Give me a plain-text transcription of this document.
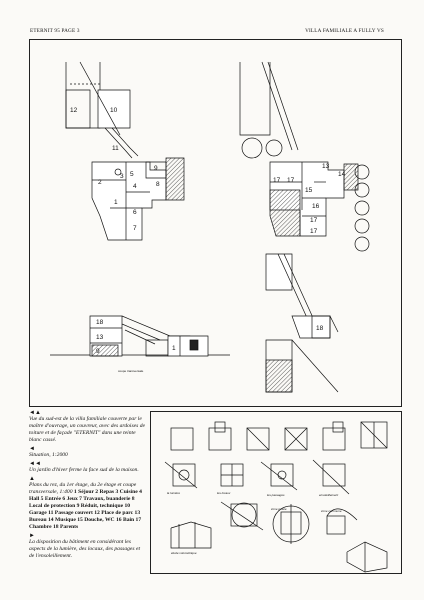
ETERNIT 95 PAGE 3	VILLA FAMILIALE A FULLY VS
12	10
11
9
2
3
4
5
8
1
6
7
17 17
15
16
13
14
17
17
18
13
9	1
18
coupe transversale

◄▲
Vue du sud-est de la villa familiale couverte par le maître d'ouvrage, un couvreur, avec des ardoises de toiture et de façade "ETERNIT" dans une teinte blanc cassé.

◄
Situation, 1:2000

◄◄
Un jardin d'hiver ferme la face sud de la maison.

▲
Plans du rez, du 1er étage, du 2e étage et coupe transversale, 1:400 1 Séjour 2 Repas 3 Cuisine 4 Hall 5 Entrée 6 Jeux 7 Travaux, buanderie 8 Local de protection 9 Réduit, technique 10 Garage 11 Passage couvert 12 Place de parc 13 Bureau 14 Musique 15 Douche, WC 16 Bain 17 Chambre 18 Parents

►
La disposition du bâtiment en considérant les aspects de la lumière, des locaux, des passages et de l'ensoleillement.

la lumière	les locaux	les passages	ensoleillement
étude volumétrique
zone privée	zone commune
